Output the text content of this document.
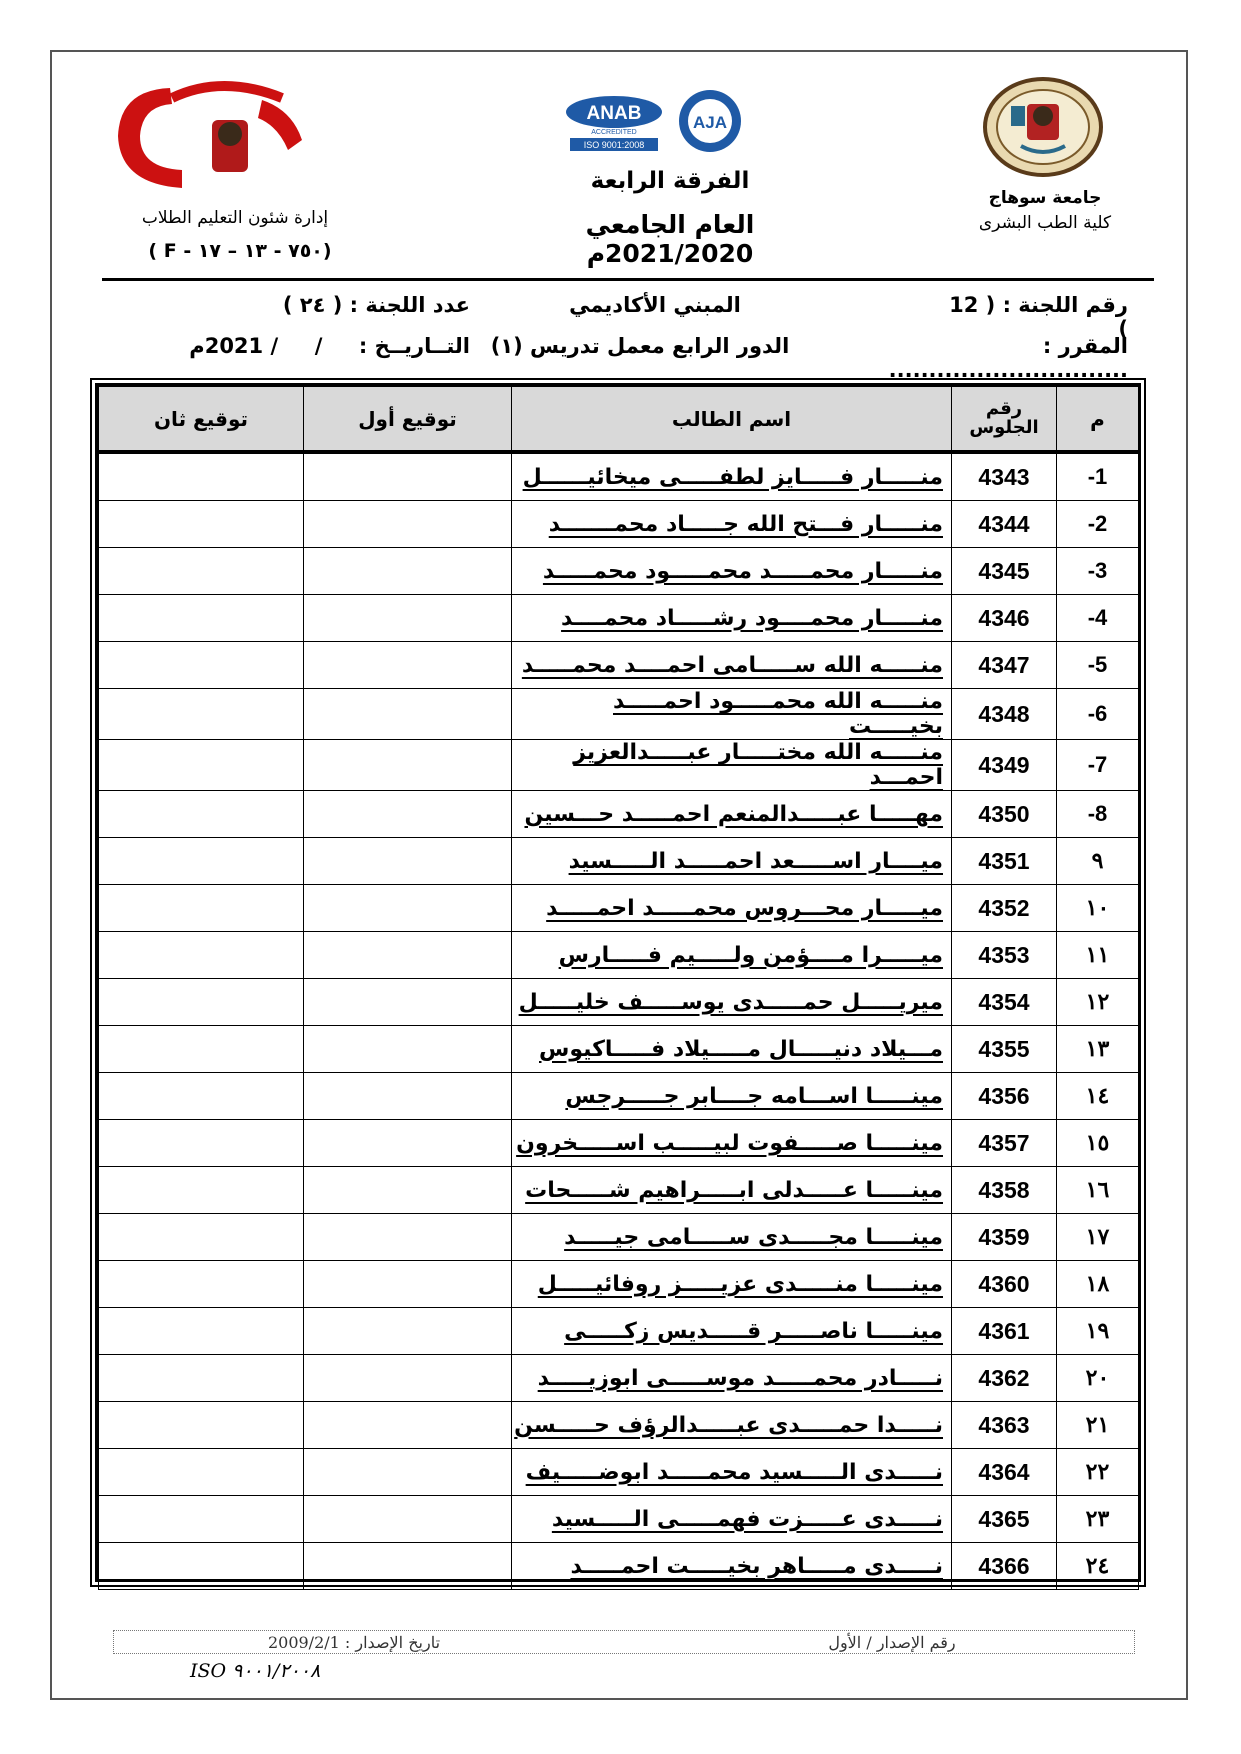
جامعة سوهاج
كلية الطب البشرى
ANAB
ACCREDITED
ISO 9001:2008
AJA
الفرقة الرابعة
العام الجامعي 2021/2020م
إدارة شئون التعليم الطلاب
( F - ٧٥٠ - ١٣ – ١٧)
رقم اللجنة : ( 12 )
المبني الأكاديمي
عدد اللجنة : ( ٢٤ )
المقرر : ..............................
الدور الرابع معمل تدريس (١)
التــاريــخ :     /     / 2021م
م	رقم الجلوس	اسم الطالب	توقيع أول	توقيع ثان
1-	4343	منـــــار فـــــايز لطفـــــى ميخائيــــــل		
2-	4344	منـــــار فـــتح الله جـــــاد محمـــــــد		
3-	4345	منـــــار محمـــــد محمـــــود محمـــــد		
4-	4346	منـــــار محمــــود رشـــــاد محمــــد		
5-	4347	منـــــه الله ســـــامى احمــــد محمـــــد		
6-	4348	منـــــه الله محمـــــود احمـــــد بخيـــــت		
7-	4349	منـــــه الله مختـــــار عبـــــدالعزيز احمـــد		
8-	4350	مهـــــا عبـــــدالمنعم احمـــــد حـــسين		
٩	4351	ميــــار اســـــعد احمـــــد الـــــسيد		
١٠	4352	ميـــــار محـــروس محمـــــد احمـــــد		
١١	4353	ميـــــرا مــــؤمن ولـــــيم فـــــارس		
١٢	4354	ميريـــــل حمـــــدى يوســـــف خليـــــل		
١٣	4355	مـــيلاد دنيـــــال مـــــيلاد فـــــاكيوس		
١٤	4356	مينـــــا اســـامه جــــابر جـــــرجس		
١٥	4357	مينـــــا صـــــفوت لبيـــــب اســـــخرون		
١٦	4358	مينـــــا عـــــدلى ابـــــراهيم شـــــحات		
١٧	4359	مينـــــا مجـــــدى ســـــامى جيـــــد		
١٨	4360	مينـــــا منـــــدى عزيـــــز روفائيـــــل		
١٩	4361	مينـــــا ناصـــــر قـــــديس زكـــــى		
٢٠	4362	نـــــادر محمـــــد موســـــى ابوزيـــــد		
٢١	4363	نـــــدا حمـــــدى عبـــــدالرؤف حـــــسن		
٢٢	4364	نـــــدى الـــــسيد محمـــــد ابوضـــــيف		
٢٣	4365	نـــــدى عـــــزت فهمـــــى الـــــسيد		
٢٤	4366	نـــــدى مـــــاهر بخيـــــت احمـــــد		
رقم الإصدار / الأول
تاريخ الإصدار : 2009/2/1
ISO ٩٠٠١/٢٠٠٨
